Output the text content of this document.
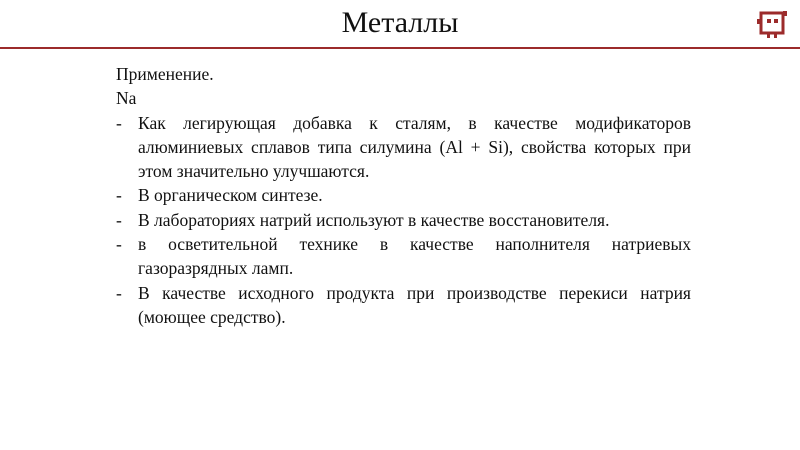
Металлы

Применение.

Na

- Как легирующая добавка к сталям, в качестве модификаторов алюминиевых сплавов типа силумина (Al + Si), свойства которых при этом значительно улучшаются.
- В органическом синтезе.
- В лабораториях натрий используют в качестве восстановителя.
- в осветительной технике в качестве наполнителя натриевых газоразрядных ламп.
- В качестве исходного продукта при производстве перекиси натрия (моющее средство).
